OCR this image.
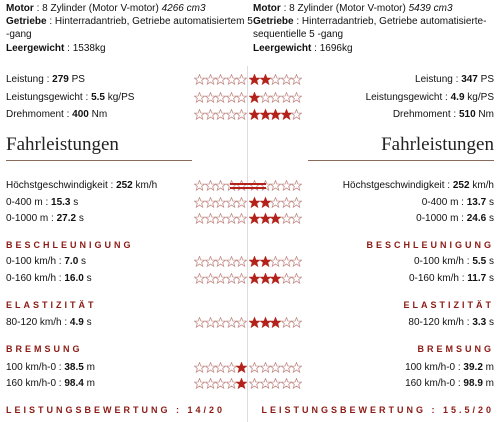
Motor : 8 Zylinder (Motor V-motor) 4266 cm3
Getriebe : Hinterradantrieb, Getriebe automatisiertem 5
-gang
Leergewicht : 1538kg
Motor : 8 Zylinder (Motor V-motor) 5439 cm3
Getriebe : Hinterradantrieb, Getriebe automatisierte-
sequentielle 5 -gang
Leergewicht : 1696kg
Leistung : 279 PS	Leistung : 347 PS
Leistungsgewicht : 5.5 kg/PS	Leistungsgewicht : 4.9 kg/PS
Drehmoment : 400 Nm	Drehmoment : 510 Nm
Fahrleistungen	Fahrleistungen
Höchstgeschwindigkeit : 252 km/h	Höchstgeschwindigkeit : 252 km/h
0-400 m : 15.3 s	0-400 m : 13.7 s
0-1000 m : 27.2 s	0-1000 m : 24.6 s
BESCHLEUNIGUNG	BESCHLEUNIGUNG
0-100 km/h : 7.0 s	0-100 km/h : 5.5 s
0-160 km/h : 16.0 s	0-160 km/h : 11.7 s
ELASTIZITÄT	ELASTIZITÄT
80-120 km/h : 4.9 s	80-120 km/h : 3.3 s
BREMSUNG	BREMSUNG
100 km/h-0 : 38.5 m	100 km/h-0 : 39.2 m
160 km/h-0 : 98.4 m	160 km/h-0 : 98.9 m
LEISTUNGSBEWERTUNG : 14/20	LEISTUNGSBEWERTUNG : 15.5/20
